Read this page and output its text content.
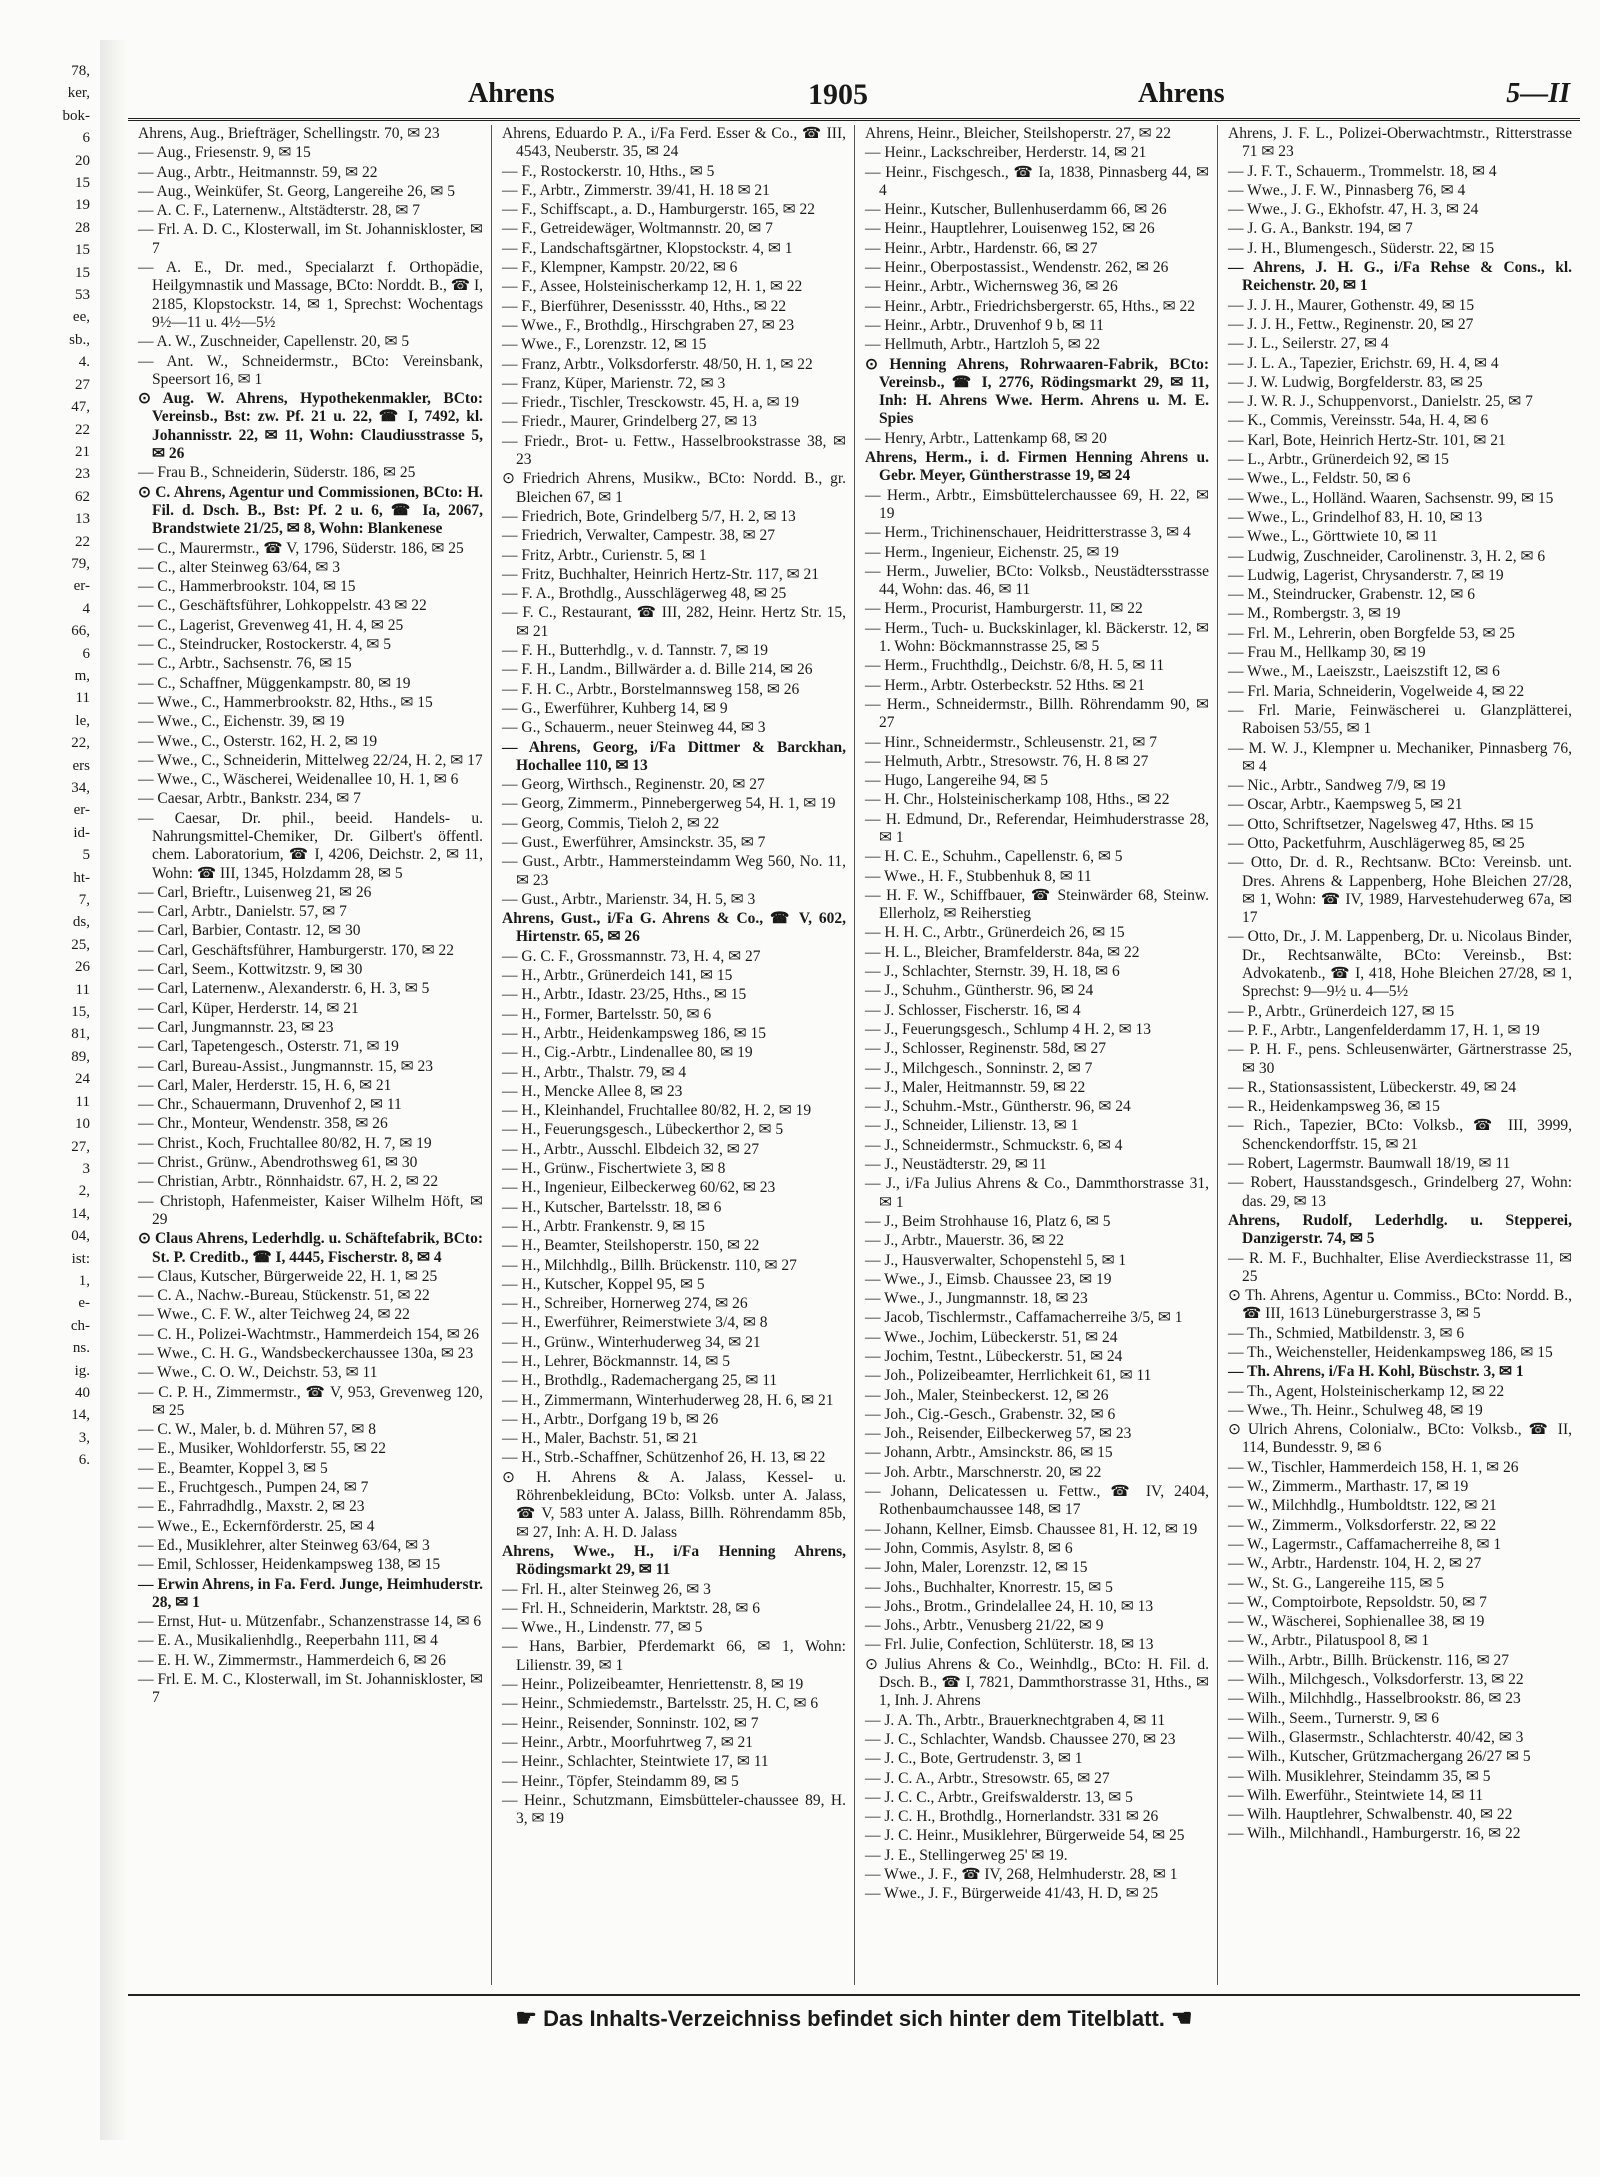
78,
ker,
bok-
6
20
15
19
28
15
15
53
ee,
sb.,
4.
27
47,
22
21
23
62
13
22
79,
er-
4
66,
6
m,
11
le,
22,
ers
34,
er-
id-
5
ht-
7,
ds,
25,
26
11
15,
81,
89,
24
11
10
27,
3
2,
14,
04,
ist:
1,
e-
ch-
ns.
ig.
40
14,
3,
6.
Ahrens	1905	Ahrens	5—II
Ahrens, Aug., Briefträger, Schellingstr. 70, ✉ 23
— Aug., Friesenstr. 9, ✉ 15
— Aug., Arbtr., Heitmannstr. 59, ✉ 22
— Aug., Weinküfer, St. Georg, Langereihe 26, ✉ 5
— A. C. F., Laternenw., Altstädterstr. 28, ✉ 7
— Frl. A. D. C., Klosterwall, im St. Johanniskloster, ✉ 7
— A. E., Dr. med., Specialarzt f. Orthopädie, Heilgymnastik und Massage, BCto: Norddt. B., ☎ I, 2185, Klopstockstr. 14, ✉ 1, Sprechst: Wochentags 9½—11 u. 4½—5½
— A. W., Zuschneider, Capellenstr. 20, ✉ 5
— Ant. W., Schneidermstr., BCto: Vereinsbank, Speersort 16, ✉ 1
⊙ Aug. W. Ahrens, Hypothekenmakler, BCto: Vereinsb., Bst: zw. Pf. 21 u. 22, ☎ I, 7492, kl. Johannisstr. 22, ✉ 11, Wohn: Claudiusstrasse 5, ✉ 26
— Frau B., Schneiderin, Süderstr. 186, ✉ 25
⊙ C. Ahrens, Agentur und Commissionen, BCto: H. Fil. d. Dsch. B., Bst: Pf. 2 u. 6, ☎ Ia, 2067, Brandstwiete 21/25, ✉ 8, Wohn: Blankenese
— C., Maurermstr., ☎ V, 1796, Süderstr. 186, ✉ 25
— C., alter Steinweg 63/64, ✉ 3
— C., Hammerbrookstr. 104, ✉ 15
— C., Geschäftsführer, Lohkoppelstr. 43 ✉ 22
— C., Lagerist, Grevenweg 41, H. 4, ✉ 25
— C., Steindrucker, Rostockerstr. 4, ✉ 5
— C., Arbtr., Sachsenstr. 76, ✉ 15
— C., Schaffner, Müggenkampstr. 80, ✉ 19
— Wwe., C., Hammerbrookstr. 82, Hths., ✉ 15
— Wwe., C., Eichenstr. 39, ✉ 19
— Wwe., C., Osterstr. 162, H. 2, ✉ 19
— Wwe., C., Schneiderin, Mittelweg 22/24, H. 2, ✉ 17
— Wwe., C., Wäscherei, Weidenallee 10, H. 1, ✉ 6
— Caesar, Arbtr., Bankstr. 234, ✉ 7
— Caesar, Dr. phil., beeid. Handels- u. Nahrungsmittel-Chemiker, Dr. Gilbert's öffentl. chem. Laboratorium, ☎ I, 4206, Deichstr. 2, ✉ 11, Wohn: ☎ III, 1345, Holzdamm 28, ✉ 5
— Carl, Brieftr., Luisenweg 21, ✉ 26
— Carl, Arbtr., Danielstr. 57, ✉ 7
— Carl, Barbier, Contastr. 12, ✉ 30
— Carl, Geschäftsführer, Hamburgerstr. 170, ✉ 22
— Carl, Seem., Kottwitzstr. 9, ✉ 30
— Carl, Laternenw., Alexanderstr. 6, H. 3, ✉ 5
— Carl, Küper, Herderstr. 14, ✉ 21
— Carl, Jungmannstr. 23, ✉ 23
— Carl, Tapetengesch., Osterstr. 71, ✉ 19
— Carl, Bureau-Assist., Jungmannstr. 15, ✉ 23
— Carl, Maler, Herderstr. 15, H. 6, ✉ 21
— Chr., Schauermann, Druvenhof 2, ✉ 11
— Chr., Monteur, Wendenstr. 358, ✉ 26
— Christ., Koch, Fruchtallee 80/82, H. 7, ✉ 19
— Christ., Grünw., Abendrothsweg 61, ✉ 30
— Christian, Arbtr., Rönnhaidstr. 67, H. 2, ✉ 22
— Christoph, Hafenmeister, Kaiser Wilhelm Höft, ✉ 29
⊙ Claus Ahrens, Lederhdlg. u. Schäftefabrik, BCto: St. P. Creditb., ☎ I, 4445, Fischerstr. 8, ✉ 4
— Claus, Kutscher, Bürgerweide 22, H. 1, ✉ 25
— C. A., Nachw.-Bureau, Stückenstr. 51, ✉ 22
— Wwe., C. F. W., alter Teichweg 24, ✉ 22
— C. H., Polizei-Wachtmstr., Hammerdeich 154, ✉ 26
— Wwe., C. H. G., Wandsbeckerchaussee 130a, ✉ 23
— Wwe., C. O. W., Deichstr. 53, ✉ 11
— C. P. H., Zimmermstr., ☎ V, 953, Grevenweg 120, ✉ 25
— C. W., Maler, b. d. Mühren 57, ✉ 8
— E., Musiker, Wohldorferstr. 55, ✉ 22
— E., Beamter, Koppel 3, ✉ 5
— E., Fruchtgesch., Pumpen 24, ✉ 7
— E., Fahrradhdlg., Maxstr. 2, ✉ 23
— Wwe., E., Eckernförderstr. 25, ✉ 4
— Ed., Musiklehrer, alter Steinweg 63/64, ✉ 3
— Emil, Schlosser, Heidenkampsweg 138, ✉ 15
— Erwin Ahrens, in Fa. Ferd. Junge, Heimhuderstr. 28, ✉ 1
— Ernst, Hut- u. Mützenfabr., Schanzenstrasse 14, ✉ 6
— E. A., Musikalienhdlg., Reeperbahn 111, ✉ 4
— E. H. W., Zimmermstr., Hammerdeich 6, ✉ 26
— Frl. E. M. C., Klosterwall, im St. Johanniskloster, ✉ 7
Ahrens, Eduardo P. A., i/Fa Ferd. Esser & Co., ☎ III, 4543, Neuberstr. 35, ✉ 24
— F., Rostockerstr. 10, Hths., ✉ 5
— F., Arbtr., Zimmerstr. 39/41, H. 18 ✉ 21
— F., Schiffscapt., a. D., Hamburgerstr. 165, ✉ 22
— F., Getreidewäger, Woltmannstr. 20, ✉ 7
— F., Landschaftsgärtner, Klopstockstr. 4, ✉ 1
— F., Klempner, Kampstr. 20/22, ✉ 6
— F., Assee, Holsteinischerkamp 12, H. 1, ✉ 22
— F., Bierführer, Desenissstr. 40, Hths., ✉ 22
— Wwe., F., Brothdlg., Hirschgraben 27, ✉ 23
— Wwe., F., Lorenzstr. 12, ✉ 15
— Franz, Arbtr., Volksdorferstr. 48/50, H. 1, ✉ 22
— Franz, Küper, Marienstr. 72, ✉ 3
— Friedr., Tischler, Tresckowstr. 45, H. a, ✉ 19
— Friedr., Maurer, Grindelberg 27, ✉ 13
— Friedr., Brot- u. Fettw., Hasselbrookstrasse 38, ✉ 23
⊙ Friedrich Ahrens, Musikw., BCto: Nordd. B., gr. Bleichen 67, ✉ 1
— Friedrich, Bote, Grindelberg 5/7, H. 2, ✉ 13
— Friedrich, Verwalter, Campestr. 38, ✉ 27
— Fritz, Arbtr., Curienstr. 5, ✉ 1
— Fritz, Buchhalter, Heinrich Hertz-Str. 117, ✉ 21
— F. A., Brothdlg., Ausschlägerweg 48, ✉ 25
— F. C., Restaurant, ☎ III, 282, Heinr. Hertz Str. 15, ✉ 21
— F. H., Butterhdlg., v. d. Tannstr. 7, ✉ 19
— F. H., Landm., Billwärder a. d. Bille 214, ✉ 26
— F. H. C., Arbtr., Borstelmannsweg 158, ✉ 26
— G., Ewerführer, Kuhberg 14, ✉ 9
— G., Schauerm., neuer Steinweg 44, ✉ 3
— Ahrens, Georg, i/Fa Dittmer & Barckhan, Hochallee 110, ✉ 13
— Georg, Wirthsch., Reginenstr. 20, ✉ 27
— Georg, Zimmerm., Pinnebergerweg 54, H. 1, ✉ 19
— Georg, Commis, Tieloh 2, ✉ 22
— Gust., Ewerführer, Amsinckstr. 35, ✉ 7
— Gust., Arbtr., Hammersteindamm Weg 560, No. 11, ✉ 23
— Gust., Arbtr., Marienstr. 34, H. 5, ✉ 3
Ahrens, Gust., i/Fa G. Ahrens & Co., ☎ V, 602, Hirtenstr. 65, ✉ 26
— G. C. F., Grossmannstr. 73, H. 4, ✉ 27
— H., Arbtr., Grünerdeich 141, ✉ 15
— H., Arbtr., Idastr. 23/25, Hths., ✉ 15
— H., Former, Bartelsstr. 50, ✉ 6
— H., Arbtr., Heidenkampsweg 186, ✉ 15
— H., Cig.-Arbtr., Lindenallee 80, ✉ 19
— H., Arbtr., Thalstr. 79, ✉ 4
— H., Mencke Allee 8, ✉ 23
— H., Kleinhandel, Fruchtallee 80/82, H. 2, ✉ 19
— H., Feuerungsgesch., Lübeckerthor 2, ✉ 5
— H., Arbtr., Ausschl. Elbdeich 32, ✉ 27
— H., Grünw., Fischertwiete 3, ✉ 8
— H., Ingenieur, Eilbeckerweg 60/62, ✉ 23
— H., Kutscher, Bartelsstr. 18, ✉ 6
— H., Arbtr. Frankenstr. 9, ✉ 15
— H., Beamter, Steilshoperstr. 150, ✉ 22
— H., Milchhdlg., Billh. Brückenstr. 110, ✉ 27
— H., Kutscher, Koppel 95, ✉ 5
— H., Schreiber, Hornerweg 274, ✉ 26
— H., Ewerführer, Reimerstwiete 3/4, ✉ 8
— H., Grünw., Winterhuderweg 34, ✉ 21
— H., Lehrer, Böckmannstr. 14, ✉ 5
— H., Brothdlg., Rademachergang 25, ✉ 11
— H., Zimmermann, Winterhuderweg 28, H. 6, ✉ 21
— H., Arbtr., Dorfgang 19 b, ✉ 26
— H., Maler, Bachstr. 51, ✉ 21
— H., Strb.-Schaffner, Schützenhof 26, H. 13, ✉ 22
⊙ H. Ahrens & A. Jalass, Kessel- u. Röhrenbekleidung, BCto: Volksb. unter A. Jalass, ☎ V, 583 unter A. Jalass, Billh. Röhrendamm 85b, ✉ 27, Inh: A. H. D. Jalass
Ahrens, Wwe., H., i/Fa Henning Ahrens, Rödingsmarkt 29, ✉ 11
— Frl. H., alter Steinweg 26, ✉ 3
— Frl. H., Schneiderin, Marktstr. 28, ✉ 6
— Wwe., H., Lindenstr. 77, ✉ 5
— Hans, Barbier, Pferdemarkt 66, ✉ 1, Wohn: Lilienstr. 39, ✉ 1
— Heinr., Polizeibeamter, Henriettenstr. 8, ✉ 19
— Heinr., Schmiedemstr., Bartelsstr. 25, H. C, ✉ 6
— Heinr., Reisender, Sonninstr. 102, ✉ 7
— Heinr., Arbtr., Moorfuhrtweg 7, ✉ 21
— Heinr., Schlachter, Steintwiete 17, ✉ 11
— Heinr., Töpfer, Steindamm 89, ✉ 5
— Heinr., Schutzmann, Eimsbütteler-chaussee 89, H. 3, ✉ 19
Ahrens, Heinr., Bleicher, Steilshoperstr. 27, ✉ 22
— Heinr., Lackschreiber, Herderstr. 14, ✉ 21
— Heinr., Fischgesch., ☎ Ia, 1838, Pinnasberg 44, ✉ 4
— Heinr., Kutscher, Bullenhuserdamm 66, ✉ 26
— Heinr., Hauptlehrer, Louisenweg 152, ✉ 26
— Heinr., Arbtr., Hardenstr. 66, ✉ 27
— Heinr., Oberpostassist., Wendenstr. 262, ✉ 26
— Heinr., Arbtr., Wichernsweg 36, ✉ 26
— Heinr., Arbtr., Friedrichsbergerstr. 65, Hths., ✉ 22
— Heinr., Arbtr., Druvenhof 9 b, ✉ 11
— Hellmuth, Arbtr., Hartzloh 5, ✉ 22
⊙ Henning Ahrens, Rohrwaaren-Fabrik, BCto: Vereinsb., ☎ I, 2776, Rödingsmarkt 29, ✉ 11, Inh: H. Ahrens Wwe. Herm. Ahrens u. M. E. Spies
— Henry, Arbtr., Lattenkamp 68, ✉ 20
Ahrens, Herm., i. d. Firmen Henning Ahrens u. Gebr. Meyer, Güntherstrasse 19, ✉ 24
— Herm., Arbtr., Eimsbüttelerchaussee 69, H. 22, ✉ 19
— Herm., Trichinenschauer, Heidritterstrasse 3, ✉ 4
— Herm., Ingenieur, Eichenstr. 25, ✉ 19
— Herm., Juwelier, BCto: Volksb., Neustädtersstrasse 44, Wohn: das. 46, ✉ 11
— Herm., Procurist, Hamburgerstr. 11, ✉ 22
— Herm., Tuch- u. Buckskinlager, kl. Bäckerstr. 12, ✉ 1. Wohn: Böckmannstrasse 25, ✉ 5
— Herm., Fruchthdlg., Deichstr. 6/8, H. 5, ✉ 11
— Herm., Arbtr. Osterbeckstr. 52 Hths. ✉ 21
— Herm., Schneidermstr., Billh. Röhrendamm 90, ✉ 27
— Hinr., Schneidermstr., Schleusenstr. 21, ✉ 7
— Helmuth, Arbtr., Stresowstr. 76, H. 8 ✉ 27
— Hugo, Langereihe 94, ✉ 5
— H. Chr., Holsteinischerkamp 108, Hths., ✉ 22
— H. Edmund, Dr., Referendar, Heimhuderstrasse 28, ✉ 1
— H. C. E., Schuhm., Capellenstr. 6, ✉ 5
— Wwe., H. F., Stubbenhuk 8, ✉ 11
— H. F. W., Schiffbauer, ☎ Steinwärder 68, Steinw. Ellerholz, ✉ Reiherstieg
— H. H. C., Arbtr., Grünerdeich 26, ✉ 15
— H. L., Bleicher, Bramfelderstr. 84a, ✉ 22
— J., Schlachter, Sternstr. 39, H. 18, ✉ 6
— J., Schuhm., Güntherstr. 96, ✉ 24
— J. Schlosser, Fischerstr. 16, ✉ 4
— J., Feuerungsgesch., Schlump 4 H. 2, ✉ 13
— J., Schlosser, Reginenstr. 58d, ✉ 27
— J., Milchgesch., Sonninstr. 2, ✉ 7
— J., Maler, Heitmannstr. 59, ✉ 22
— J., Schuhm.-Mstr., Güntherstr. 96, ✉ 24
— J., Schneider, Lilienstr. 13, ✉ 1
— J., Schneidermstr., Schmuckstr. 6, ✉ 4
— J., Neustädterstr. 29, ✉ 11
— J., i/Fa Julius Ahrens & Co., Dammthorstrasse 31, ✉ 1
— J., Beim Strohhause 16, Platz 6, ✉ 5
— J., Arbtr., Mauerstr. 36, ✉ 22
— J., Hausverwalter, Schopenstehl 5, ✉ 1
— Wwe., J., Eimsb. Chaussee 23, ✉ 19
— Wwe., J., Jungmannstr. 18, ✉ 23
— Jacob, Tischlermstr., Caffamacherreihe 3/5, ✉ 1
— Wwe., Jochim, Lübeckerstr. 51, ✉ 24
— Jochim, Testnt., Lübeckerstr. 51, ✉ 24
— Joh., Polizeibeamter, Herrlichkeit 61, ✉ 11
— Joh., Maler, Steinbeckerst. 12, ✉ 26
— Joh., Cig.-Gesch., Grabenstr. 32, ✉ 6
— Joh., Reisender, Eilbeckerweg 57, ✉ 23
— Johann, Arbtr., Amsinckstr. 86, ✉ 15
— Joh. Arbtr., Marschnerstr. 20, ✉ 22
— Johann, Delicatessen u. Fettw., ☎ IV, 2404, Rothenbaumchaussee 148, ✉ 17
— Johann, Kellner, Eimsb. Chaussee 81, H. 12, ✉ 19
— John, Commis, Asylstr. 8, ✉ 6
— John, Maler, Lorenzstr. 12, ✉ 15
— Johs., Buchhalter, Knorrestr. 15, ✉ 5
— Johs., Brotm., Grindelallee 24, H. 10, ✉ 13
— Johs., Arbtr., Venusberg 21/22, ✉ 9
— Frl. Julie, Confection, Schlüterstr. 18, ✉ 13
⊙ Julius Ahrens & Co., Weinhdlg., BCto: H. Fil. d. Dsch. B., ☎ I, 7821, Dammthorstrasse 31, Hths., ✉ 1, Inh. J. Ahrens
— J. A. Th., Arbtr., Brauerknechtgraben 4, ✉ 11
— J. C., Schlachter, Wandsb. Chaussee 270, ✉ 23
— J. C., Bote, Gertrudenstr. 3, ✉ 1
— J. C. A., Arbtr., Stresowstr. 65, ✉ 27
— J. C. C., Arbtr., Greifswalderstr. 13, ✉ 5
— J. C. H., Brothdlg., Hornerlandstr. 331 ✉ 26
— J. C. Heinr., Musiklehrer, Bürgerweide 54, ✉ 25
— J. E., Stellingerweg 25' ✉ 19.
— Wwe., J. F., ☎ IV, 268, Helmhuderstr. 28, ✉ 1
— Wwe., J. F., Bürgerweide 41/43, H. D, ✉ 25
Ahrens, J. F. L., Polizei-Oberwachtmstr., Ritterstrasse 71 ✉ 23
— J. F. T., Schauerm., Trommelstr. 18, ✉ 4
— Wwe., J. F. W., Pinnasberg 76, ✉ 4
— Wwe., J. G., Ekhofstr. 47, H. 3, ✉ 24
— J. G. A., Bankstr. 194, ✉ 7
— J. H., Blumengesch., Süderstr. 22, ✉ 15
— Ahrens, J. H. G., i/Fa Rehse & Cons., kl. Reichenstr. 20, ✉ 1
— J. J. H., Maurer, Gothenstr. 49, ✉ 15
— J. J. H., Fettw., Reginenstr. 20, ✉ 27
— J. L., Seilerstr. 27, ✉ 4
— J. L. A., Tapezier, Erichstr. 69, H. 4, ✉ 4
— J. W. Ludwig, Borgfelderstr. 83, ✉ 25
— J. W. R. J., Schuppenvorst., Danielstr. 25, ✉ 7
— K., Commis, Vereinsstr. 54a, H. 4, ✉ 6
— Karl, Bote, Heinrich Hertz-Str. 101, ✉ 21
— L., Arbtr., Grünerdeich 92, ✉ 15
— Wwe., L., Feldstr. 50, ✉ 6
— Wwe., L., Holländ. Waaren, Sachsenstr. 99, ✉ 15
— Wwe., L., Grindelhof 83, H. 10, ✉ 13
— Wwe., L., Görttwiete 10, ✉ 11
— Ludwig, Zuschneider, Carolinenstr. 3, H. 2, ✉ 6
— Ludwig, Lagerist, Chrysanderstr. 7, ✉ 19
— M., Steindrucker, Grabenstr. 12, ✉ 6
— M., Rombergstr. 3, ✉ 19
— Frl. M., Lehrerin, oben Borgfelde 53, ✉ 25
— Frau M., Hellkamp 30, ✉ 19
— Wwe., M., Laeiszstr., Laeiszstift 12, ✉ 6
— Frl. Maria, Schneiderin, Vogelweide 4, ✉ 22
— Frl. Marie, Feinwäscherei u. Glanzplätterei, Raboisen 53/55, ✉ 1
— M. W. J., Klempner u. Mechaniker, Pinnasberg 76, ✉ 4
— Nic., Arbtr., Sandweg 7/9, ✉ 19
— Oscar, Arbtr., Kaempsweg 5, ✉ 21
— Otto, Schriftsetzer, Nagelsweg 47, Hths. ✉ 15
— Otto, Packetfuhrm, Auschlägerweg 85, ✉ 25
— Otto, Dr. d. R., Rechtsanw. BCto: Vereinsb. unt. Dres. Ahrens & Lappenberg, Hohe Bleichen 27/28, ✉ 1, Wohn: ☎ IV, 1989, Harvestehuderweg 67a, ✉ 17
— Otto, Dr., J. M. Lappenberg, Dr. u. Nicolaus Binder, Dr., Rechtsanwälte, BCto: Vereinsb., Bst: Advokatenb., ☎ I, 418, Hohe Bleichen 27/28, ✉ 1, Sprechst: 9—9½ u. 4—5½
— P., Arbtr., Grünerdeich 127, ✉ 15
— P. F., Arbtr., Langenfelderdamm 17, H. 1, ✉ 19
— P. H. F., pens. Schleusenwärter, Gärtnerstrasse 25, ✉ 30
— R., Stationsassistent, Lübeckerstr. 49, ✉ 24
— R., Heidenkampsweg 36, ✉ 15
— Rich., Tapezier, BCto: Volksb., ☎ III, 3999, Schenckendorffstr. 15, ✉ 21
— Robert, Lagermstr. Baumwall 18/19, ✉ 11
— Robert, Hausstandsgesch., Grindelberg 27, Wohn: das. 29, ✉ 13
Ahrens, Rudolf, Lederhdlg. u. Stepperei, Danzigerstr. 74, ✉ 5
— R. M. F., Buchhalter, Elise Averdieckstrasse 11, ✉ 25
⊙ Th. Ahrens, Agentur u. Commiss., BCto: Nordd. B., ☎ III, 1613 Lüneburgerstrasse 3, ✉ 5
— Th., Schmied, Matbildenstr. 3, ✉ 6
— Th., Weichensteller, Heidenkampsweg 186, ✉ 15
— Th. Ahrens, i/Fa H. Kohl, Büschstr. 3, ✉ 1
— Th., Agent, Holsteinischerkamp 12, ✉ 22
— Wwe., Th. Heinr., Schulweg 48, ✉ 19
⊙ Ulrich Ahrens, Colonialw., BCto: Volksb., ☎ II, 114, Bundesstr. 9, ✉ 6
— W., Tischler, Hammerdeich 158, H. 1, ✉ 26
— W., Zimmerm., Marthastr. 17, ✉ 19
— W., Milchhdlg., Humboldtstr. 122, ✉ 21
— W., Zimmerm., Volksdorferstr. 22, ✉ 22
— W., Lagermstr., Caffamacherreihe 8, ✉ 1
— W., Arbtr., Hardenstr. 104, H. 2, ✉ 27
— W., St. G., Langereihe 115, ✉ 5
— W., Comptoirbote, Repsoldstr. 50, ✉ 7
— W., Wäscherei, Sophienallee 38, ✉ 19
— W., Arbtr., Pilatuspool 8, ✉ 1
— Wilh., Arbtr., Billh. Brückenstr. 116, ✉ 27
— Wilh., Milchgesch., Volksdorferstr. 13, ✉ 22
— Wilh., Milchhdlg., Hasselbrookstr. 86, ✉ 23
— Wilh., Seem., Turnerstr. 9, ✉ 6
— Wilh., Glasermstr., Schlachterstr. 40/42, ✉ 3
— Wilh., Kutscher, Grützmachergang 26/27 ✉ 5
— Wilh. Musiklehrer, Steindamm 35, ✉ 5
— Wilh. Ewerführ., Steintwiete 14, ✉ 11
— Wilh. Hauptlehrer, Schwalbenstr. 40, ✉ 22
— Wilh., Milchhandl., Hamburgerstr. 16, ✉ 22
☛ Das Inhalts-Verzeichniss befindet sich hinter dem Titelblatt. ☚
